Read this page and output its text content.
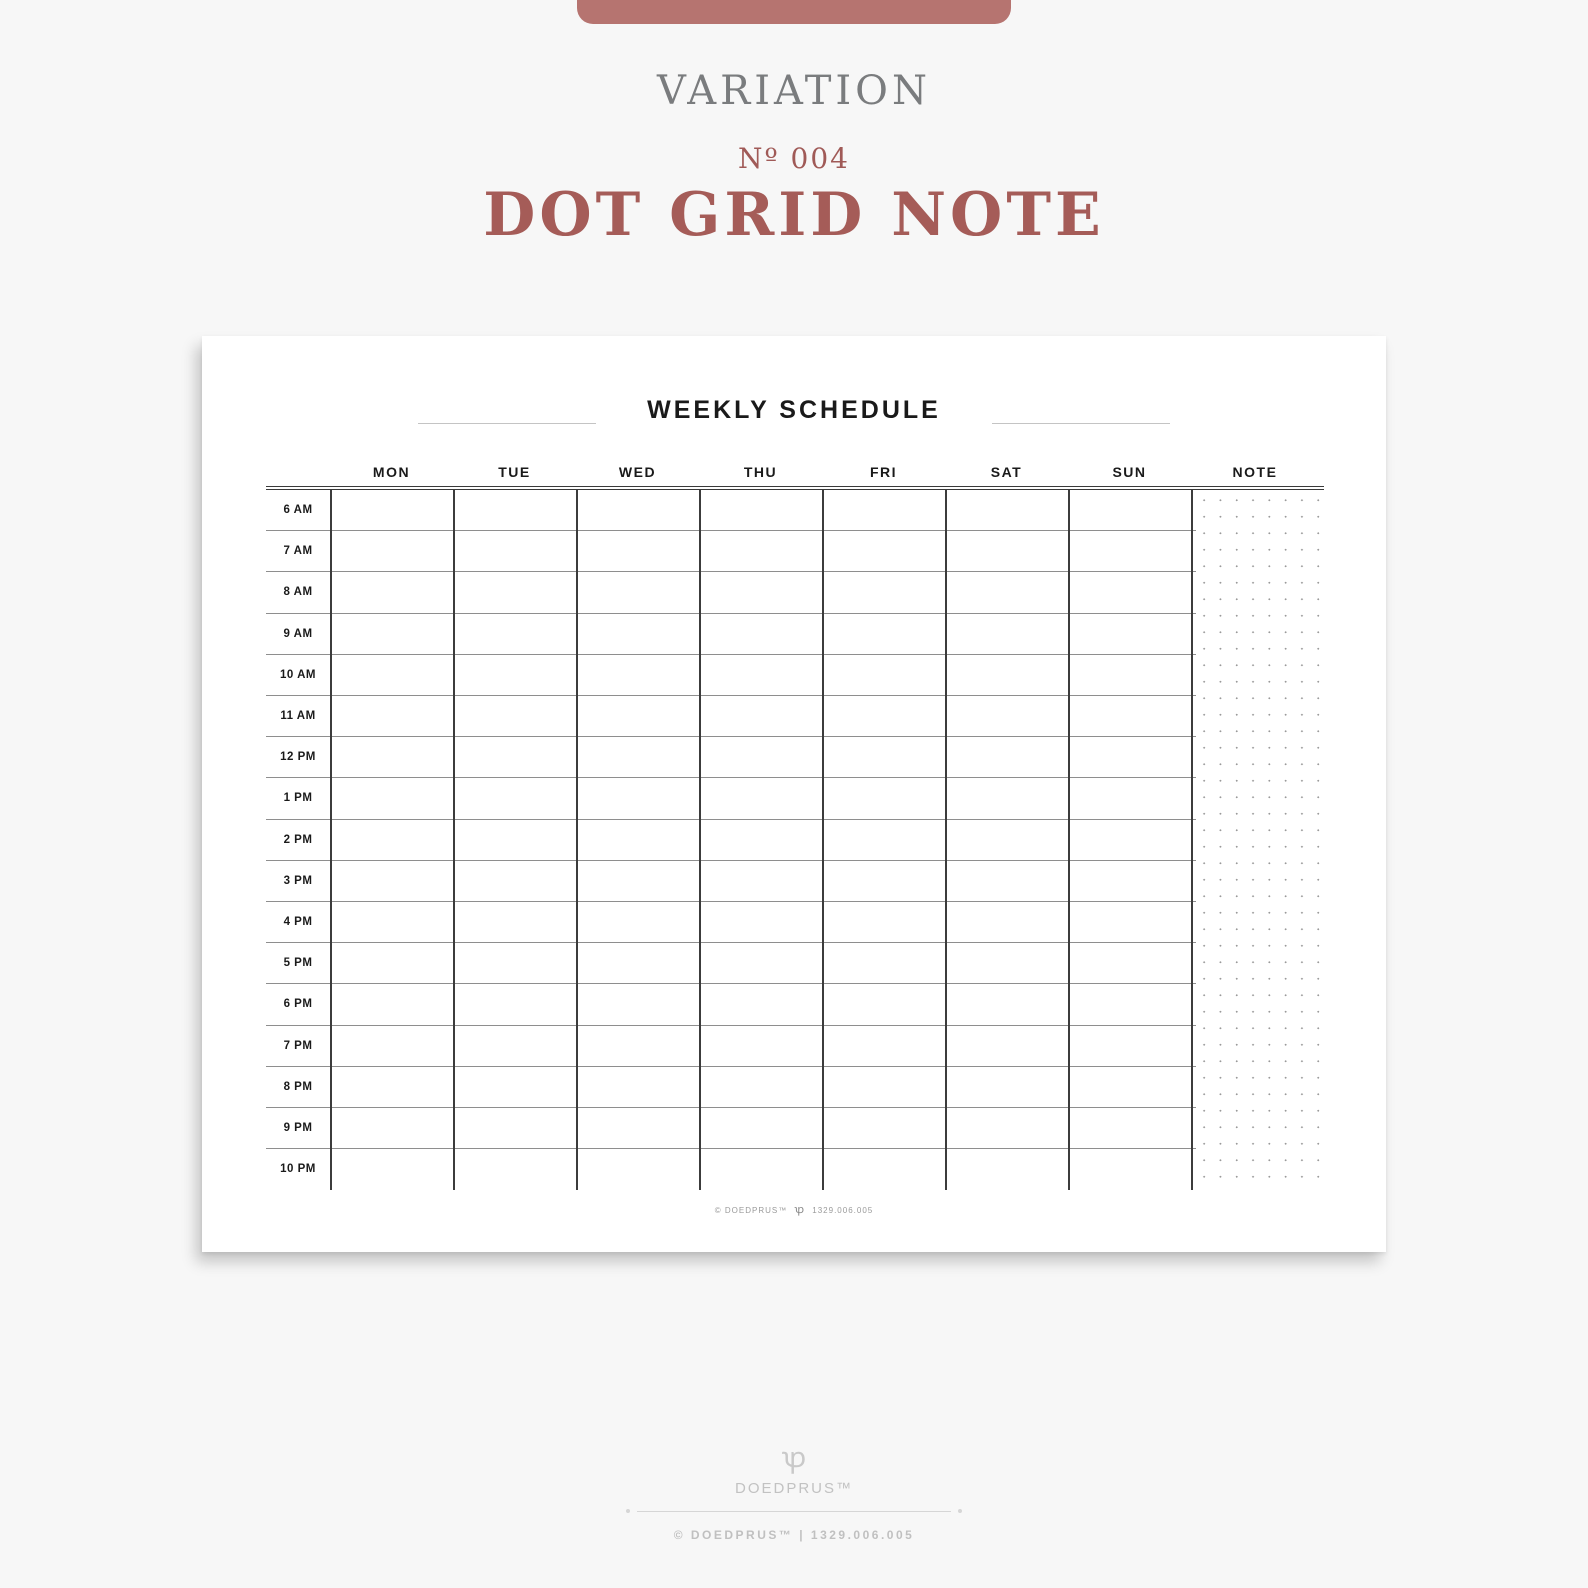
VARIATION
Nº 004
DOT GRID NOTE
WEEKLY SCHEDULE
MON	TUE	WED	THU	FRI	SAT	SUN	NOTE
6 AM
7 AM
8 AM
9 AM
10 AM
11 AM
12 PM
1 PM
2 PM
3 PM
4 PM
5 PM
6 PM
7 PM
8 PM
9 PM
10 PM
© DOEDPRUS™ ꝕ 1329.006.005
ꝕ
DOEDPRUS™
© DOEDPRUS™ | 1329.006.005
